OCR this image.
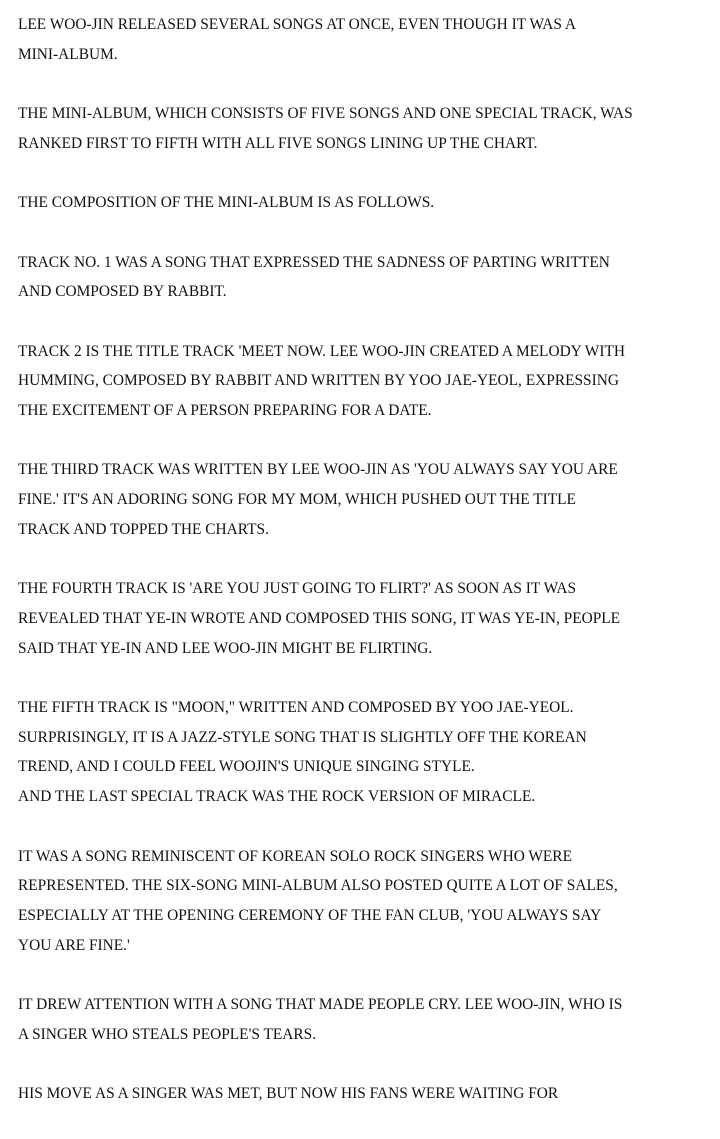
LEE WOO-JIN RELEASED SEVERAL SONGS AT ONCE, EVEN THOUGH IT WAS A
MINI-ALBUM.

THE MINI-ALBUM, WHICH CONSISTS OF FIVE SONGS AND ONE SPECIAL TRACK, WAS
RANKED FIRST TO FIFTH WITH ALL FIVE SONGS LINING UP THE CHART.

THE COMPOSITION OF THE MINI-ALBUM IS AS FOLLOWS.

TRACK NO. 1 WAS A SONG THAT EXPRESSED THE SADNESS OF PARTING WRITTEN
AND COMPOSED BY RABBIT.

TRACK 2 IS THE TITLE TRACK 'MEET NOW. LEE WOO-JIN CREATED A MELODY WITH
HUMMING, COMPOSED BY RABBIT AND WRITTEN BY YOO JAE-YEOL, EXPRESSING
THE EXCITEMENT OF A PERSON PREPARING FOR A DATE.

THE THIRD TRACK WAS WRITTEN BY LEE WOO-JIN AS 'YOU ALWAYS SAY YOU ARE
FINE.' IT'S AN ADORING SONG FOR MY MOM, WHICH PUSHED OUT THE TITLE
TRACK AND TOPPED THE CHARTS.

THE FOURTH TRACK IS 'ARE YOU JUST GOING TO FLIRT?' AS SOON AS IT WAS
REVEALED THAT YE-IN WROTE AND COMPOSED THIS SONG, IT WAS YE-IN, PEOPLE
SAID THAT YE-IN AND LEE WOO-JIN MIGHT BE FLIRTING.

THE FIFTH TRACK IS "MOON," WRITTEN AND COMPOSED BY YOO JAE-YEOL.
SURPRISINGLY, IT IS A JAZZ-STYLE SONG THAT IS SLIGHTLY OFF THE KOREAN
TREND, AND I COULD FEEL WOOJIN'S UNIQUE SINGING STYLE.
AND THE LAST SPECIAL TRACK WAS THE ROCK VERSION OF MIRACLE.

IT WAS A SONG REMINISCENT OF KOREAN SOLO ROCK SINGERS WHO WERE
REPRESENTED. THE SIX-SONG MINI-ALBUM ALSO POSTED QUITE A LOT OF SALES,
ESPECIALLY AT THE OPENING CEREMONY OF THE FAN CLUB, 'YOU ALWAYS SAY
YOU ARE FINE.'

IT DREW ATTENTION WITH A SONG THAT MADE PEOPLE CRY. LEE WOO-JIN, WHO IS
A SINGER WHO STEALS PEOPLE'S TEARS.

HIS MOVE AS A SINGER WAS MET, BUT NOW HIS FANS WERE WAITING FOR
